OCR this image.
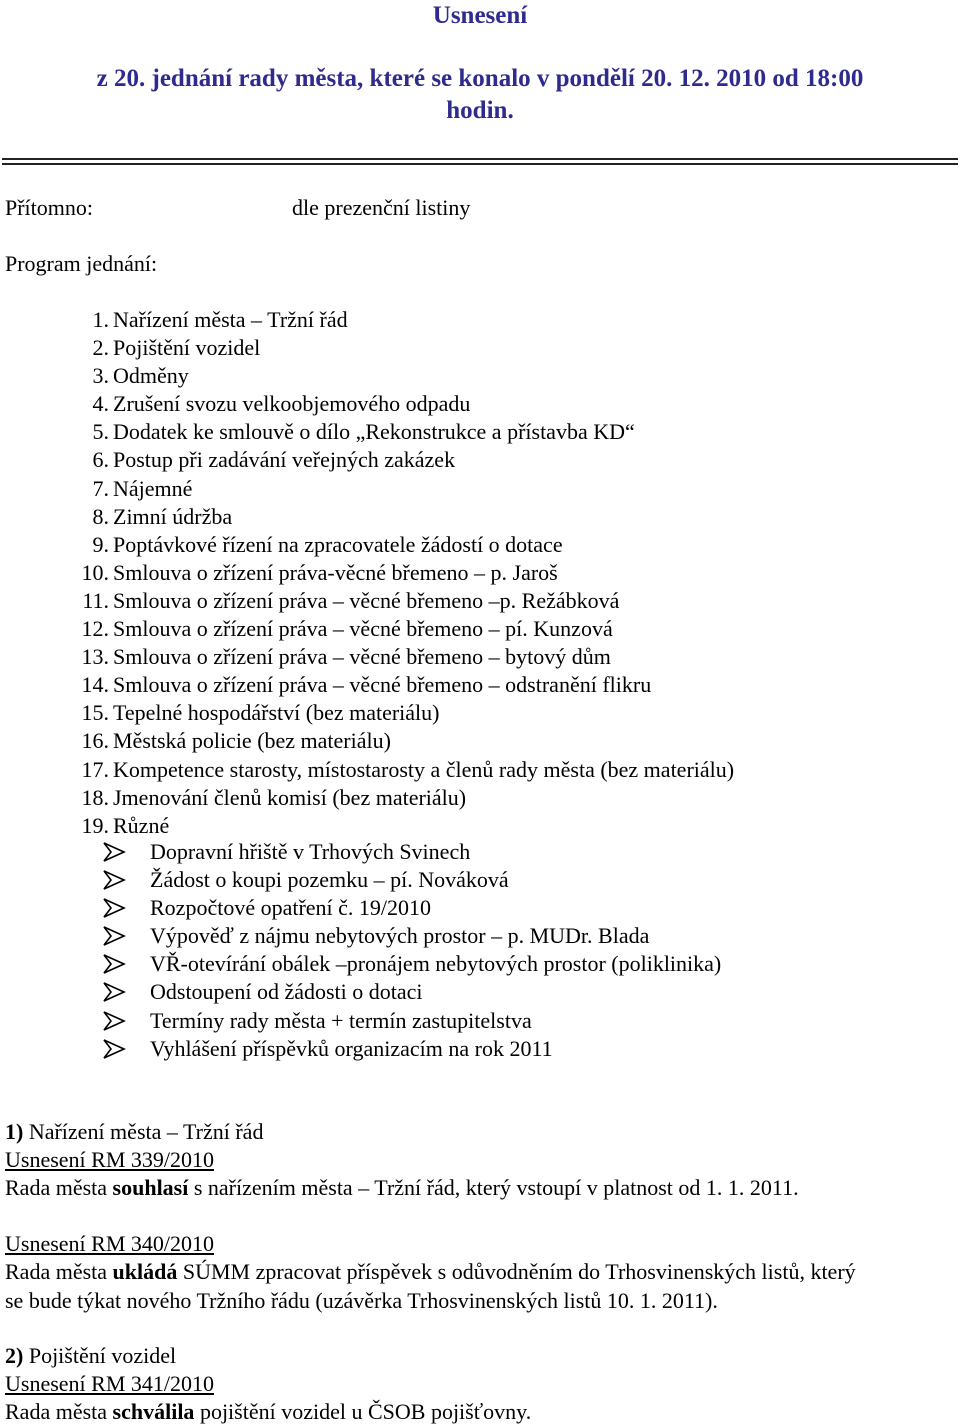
Usnesení
z 20. jednání rady města, které se konalo v pondělí 20. 12. 2010 od 18:00
hodin.
Přítomno:	dle prezenční listiny
Program jednání:
1. Nařízení města – Tržní řád
2. Pojištění vozidel
3. Odměny
4. Zrušení svozu velkoobjemového odpadu
5. Dodatek ke smlouvě o dílo „Rekonstrukce a přístavba KD“
6. Postup při zadávání veřejných zakázek
7. Nájemné
8. Zimní údržba
9. Poptávkové řízení na zpracovatele žádostí o dotace
10. Smlouva o zřízení práva-věcné břemeno – p. Jaroš
11. Smlouva o zřízení práva – věcné břemeno –p. Režábková
12. Smlouva o zřízení práva – věcné břemeno – pí. Kunzová
13. Smlouva o zřízení práva – věcné břemeno – bytový dům
14. Smlouva o zřízení práva – věcné břemeno – odstranění flikru
15. Tepelné hospodářství (bez materiálu)
16. Městská policie (bez materiálu)
17. Kompetence starosty, místostarosty a členů rady města (bez materiálu)
18. Jmenování členů komisí (bez materiálu)
19. Různé
Dopravní hřiště v Trhových Svinech
Žádost o koupi pozemku – pí. Nováková
Rozpočtové opatření č. 19/2010
Výpověď z nájmu nebytových prostor – p. MUDr. Blada
VŘ-otevírání obálek –pronájem nebytových prostor (poliklinika)
Odstoupení od žádosti o dotaci
Termíny rady města + termín zastupitelstva
Vyhlášení příspěvků organizacím na rok 2011
1) Nařízení města – Tržní řád
Usnesení RM 339/2010
Rada města souhlasí s nařízením města – Tržní řád, který vstoupí v platnost od 1. 1. 2011.
Usnesení RM 340/2010
Rada města ukládá SÚMM zpracovat příspěvek s odůvodněním do Trhosvinenských listů, který
se bude týkat nového Tržního řádu (uzávěrka Trhosvinenských listů 10. 1. 2011).
2) Pojištění vozidel
Usnesení RM 341/2010
Rada města schválila pojištění vozidel u ČSOB pojišťovny.
